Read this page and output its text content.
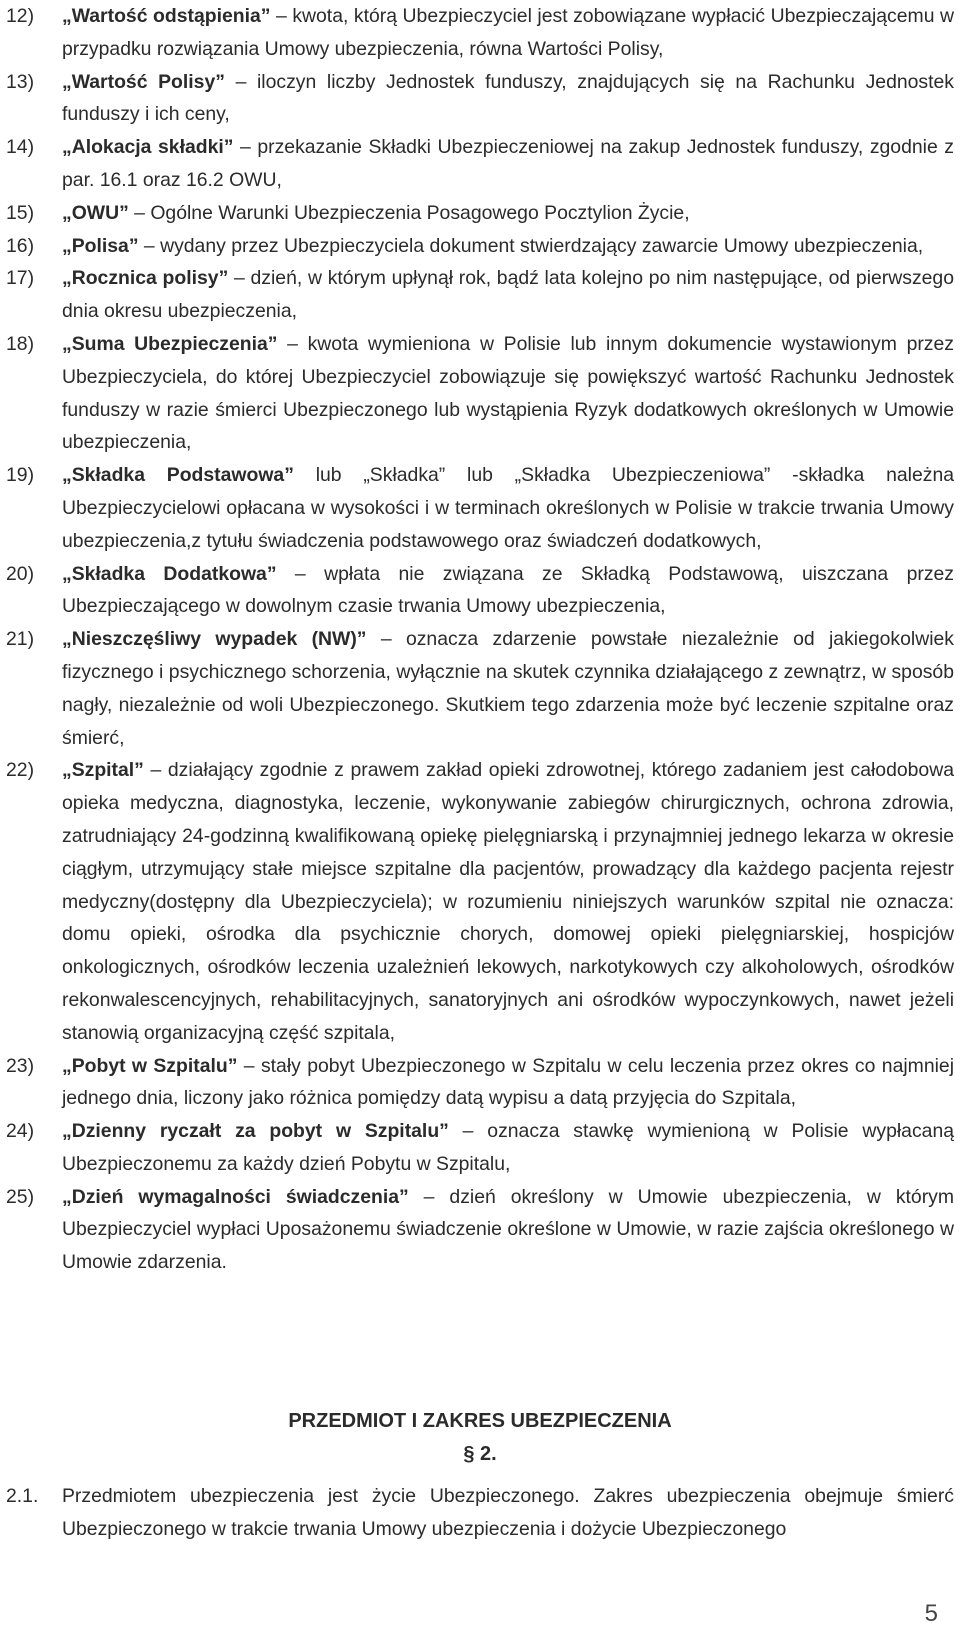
12) „Wartość odstąpienia” – kwota, którą Ubezpieczyciel jest zobowiązane wypłacić Ubezpieczającemu w przypadku rozwiązania Umowy ubezpieczenia, równa Wartości Polisy,
13) „Wartość Polisy” – iloczyn liczby Jednostek funduszy, znajdujących się na Rachunku Jednostek funduszy i ich ceny,
14) „Alokacja składki” – przekazanie Składki Ubezpieczeniowej na zakup Jednostek funduszy, zgodnie z par. 16.1 oraz 16.2 OWU,
15) „OWU” – Ogólne Warunki Ubezpieczenia Posagowego Pocztylion Życie,
16) „Polisa” – wydany przez Ubezpieczyciela dokument stwierdzający zawarcie Umowy ubezpieczenia,
17) „Rocznica polisy” – dzień, w którym upłynął rok, bądź lata kolejno po nim następujące, od pierwszego dnia okresu ubezpieczenia,
18) „Suma Ubezpieczenia” – kwota wymieniona w Polisie lub innym dokumencie wystawionym przez Ubezpieczyciela, do której Ubezpieczyciel zobowiązuje się powiększyć wartość Rachunku Jednostek funduszy w razie śmierci Ubezpieczonego lub wystąpienia Ryzyk dodatkowych określonych w Umowie ubezpieczenia,
19) „Składka Podstawowa” lub „Składka” lub „Składka Ubezpieczeniowa” -składka należna Ubezpieczycielowi opłacana w wysokości i w terminach określonych w Polisie w trakcie trwania Umowy ubezpieczenia,z tytułu świadczenia podstawowego oraz świadczeń dodatkowych,
20) „Składka Dodatkowa” – wpłata nie związana ze Składką Podstawową, uiszczana przez Ubezpieczającego w dowolnym czasie trwania Umowy ubezpieczenia,
21) „Nieszczęśliwy wypadek (NW)” – oznacza zdarzenie powstałe niezależnie od jakiegokolwiek fizycznego i psychicznego schorzenia, wyłącznie na skutek czynnika działającego z zewnątrz, w sposób nagły, niezależnie od woli Ubezpieczonego. Skutkiem tego zdarzenia może być leczenie szpitalne oraz śmierć,
22) „Szpital” – działający zgodnie z prawem zakład opieki zdrowotnej, którego zadaniem jest całodobowa opieka medyczna, diagnostyka, leczenie, wykonywanie zabiegów chirurgicznych, ochrona zdrowia, zatrudniający 24-godzinną kwalifikowaną opiekę pielęgniarską i przynajmniej jednego lekarza w okresie ciągłym, utrzymujący stałe miejsce szpitalne dla pacjentów, prowadzący dla każdego pacjenta rejestr medyczny(dostępny dla Ubezpieczyciela); w rozumieniu niniejszych warunków szpital nie oznacza: domu opieki, ośrodka dla psychicznie chorych, domowej opieki pielęgniarskiej, hospicjów onkologicznych, ośrodków leczenia uzależnień lekowych, narkotykowych czy alkoholowych, ośrodków rekonwalescencyjnych, rehabilitacyjnych, sanatoryjnych ani ośrodków wypoczynkowych, nawet jeżeli stanowią organizacyjną część szpitala,
23) „Pobyt w Szpitalu” – stały pobyt Ubezpieczonego w Szpitalu w celu leczenia przez okres co najmniej jednego dnia, liczony jako różnica pomiędzy datą wypisu a datą przyjęcia do Szpitala,
24) „Dzienny ryczałt za pobyt w Szpitalu” – oznacza stawkę wymienioną w Polisie wypłacaną Ubezpieczonemu za każdy dzień Pobytu w Szpitalu,
25) „Dzień wymagalności świadczenia” – dzień określony w Umowie ubezpieczenia, w którym Ubezpieczyciel wypłaci Uposażonemu świadczenie określone w Umowie, w razie zajścia określonego w Umowie zdarzenia.
PRZEDMIOT I ZAKRES UBEZPIECZENIA
§ 2.
2.1. Przedmiotem ubezpieczenia jest życie Ubezpieczonego. Zakres ubezpieczenia obejmuje śmierć Ubezpieczonego w trakcie trwania Umowy ubezpieczenia i dożycie Ubezpieczonego
5
